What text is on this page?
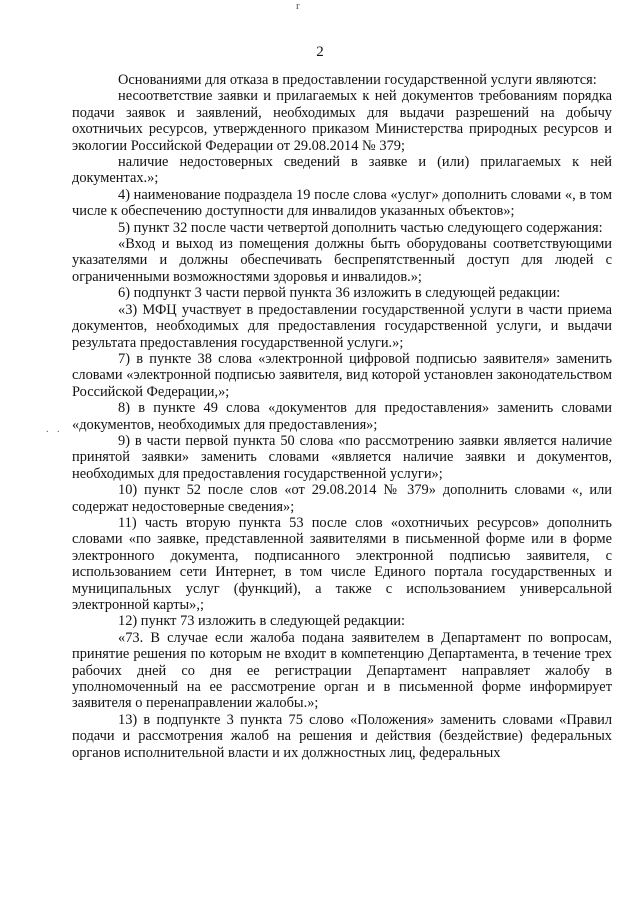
r
2
. .

Основаниями для отказа в предоставлении государственной услуги являются:

несоответствие заявки и прилагаемых к ней документов требованиям порядка подачи заявок и заявлений, необходимых для выдачи разрешений на добычу охотничьих ресурсов, утвержденного приказом Министерства природных ресурсов и экологии Российской Федерации от 29.08.2014 № 379;

наличие недостоверных сведений в заявке и (или) прилагаемых к ней документах.»;

4) наименование подраздела 19 после слова «услуг» дополнить словами «, в том числе к обеспечению доступности для инвалидов указанных объектов»;

5) пункт 32 после части четвертой дополнить частью следующего содержания:

«Вход и выход из помещения должны быть оборудованы соответствующими указателями и должны обеспечивать беспрепятственный доступ для людей с ограниченными возможностями здоровья и инвалидов.»;

6) подпункт 3 части первой пункта 36 изложить в следующей редакции:

«3) МФЦ участвует в предоставлении государственной услуги в части приема документов, необходимых для предоставления государственной услуги, и выдачи результата предоставления государственной услуги.»;

7) в пункте 38 слова «электронной цифровой подписью заявителя» заменить словами «электронной подписью заявителя, вид которой установлен законодательством Российской Федерации,»;

8) в пункте 49 слова «документов для предоставления» заменить словами «документов, необходимых для предоставления»;

9) в части первой пункта 50 слова «по рассмотрению заявки является наличие принятой заявки» заменить словами «является наличие заявки и документов, необходимых для предоставления государственной услуги»;

10) пункт 52 после слов «от 29.08.2014 № 379» дополнить словами «, или содержат недостоверные сведения»;

11) часть вторую пункта 53 после слов «охотничьих ресурсов» дополнить словами «по заявке, представленной заявителями в письменной форме или в форме электронного документа, подписанного электронной подписью заявителя, с использованием сети Интернет, в том числе Единого портала государственных и муниципальных услуг (функций), а также с использованием универсальной электронной карты»,;

12) пункт 73 изложить в следующей редакции:

«73. В случае если жалоба подана заявителем в Департамент по вопросам, принятие решения по которым не входит в компетенцию Департамента, в течение трех рабочих дней со дня ее регистрации Департамент направляет жалобу в уполномоченный на ее рассмотрение орган и в письменной форме информирует заявителя о перенаправлении жалобы.»;

13) в подпункте 3 пункта 75 слово «Положения» заменить словами «Правил подачи и рассмотрения жалоб на решения и действия (бездействие) федеральных органов исполнительной власти и их должностных лиц, федеральных
